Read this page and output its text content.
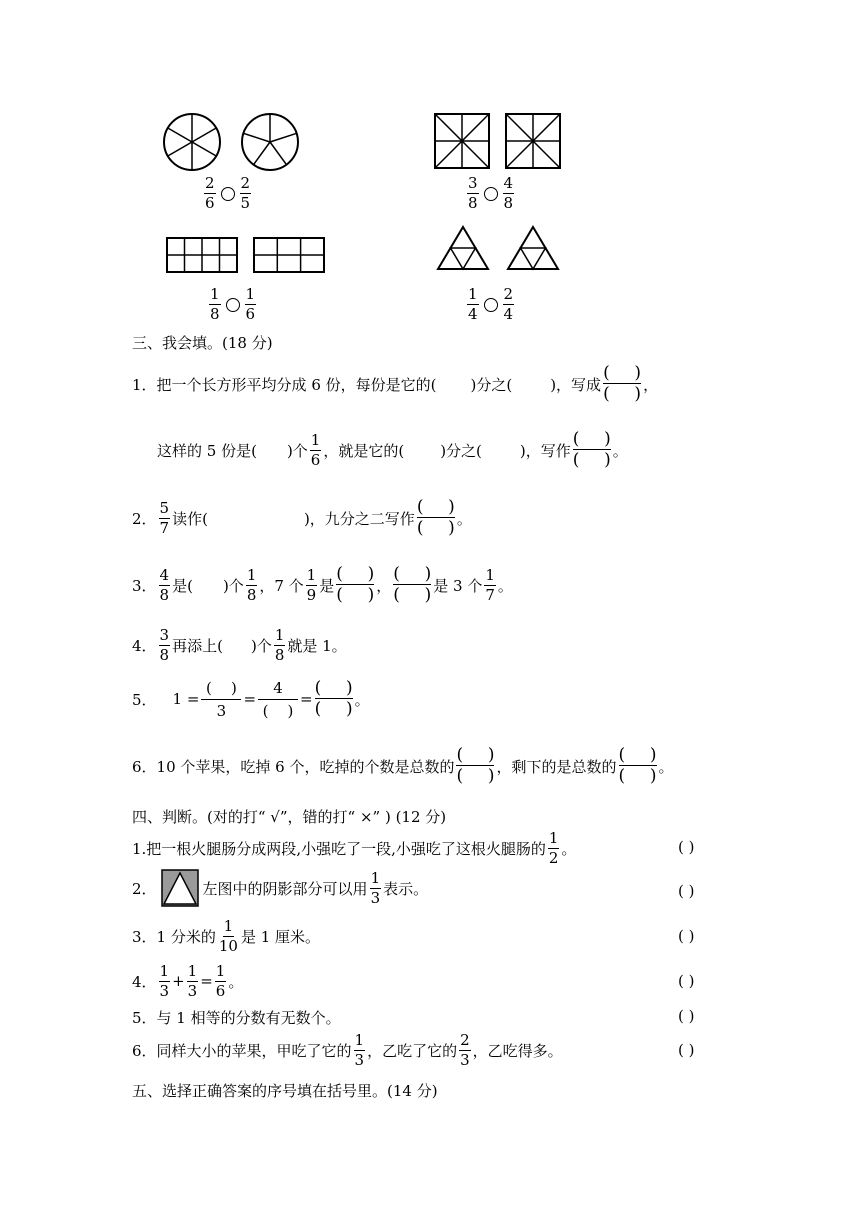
$\frac{2}{6} \frac{2}{5}$	$\frac{3}{8} \frac{4}{8}$
$\frac{1}{8} \frac{1}{6}$	$\frac{1}{4} \frac{2}{4}$
三、我会填。(18 分)
1．把一个长方形平均分成 6 份，每份是它的( )分之(	)，写成
( )
( ) ，
这样的 5 份是( )个 $\frac{1}{6}$ ，就是它的( )分之(	)，写作
( )
( ) 。
2． $\frac{5}{7}$ 读作(	)，九分之二写作
( )
( ) 。
3． $\frac{4}{8}$ 是( )个 $\frac{1}{8}$ ，7 个 $\frac{1}{9}$ 是
( )
( ) ，
( )
( ) 是 3 个 $\frac{1}{7}$ 。
4． $\frac{3}{8}$ 再添上( )个 $\frac{1}{8}$ 就是 1。
5． 1 =
(    )
3
=
4
(    )
=
( )
( ) 。
6．10 个苹果，吃掉 6 个，吃掉的个数是总数的
( )
( ) ，剩下的是总数的
( )
( ) 。
四、判断。(对的打“ √”，错的打“ ×” ) (12 分)
1.把一根火腿肠分成两段,小强吃了一段,小强吃了这根火腿肠的 $\frac{1}{2}$ 。	( )
2．	左图中的阴影部分可以用 $\frac{1}{3}$ 表示。	( )
3．1 分米的 $\frac{1}{10}$ 是 1 厘米。	( )
4． $\frac{1}{3} + \frac{1}{3} = \frac{1}{6}$ 。	( )
5．与 1 相等的分数有无数个。	( )
6．同样大小的苹果，甲吃了它的 $\frac{1}{3}$ ，乙吃了它的 $\frac{2}{3}$ ，乙吃得多。	( )
五、选择正确答案的序号填在括号里。(14 分)
